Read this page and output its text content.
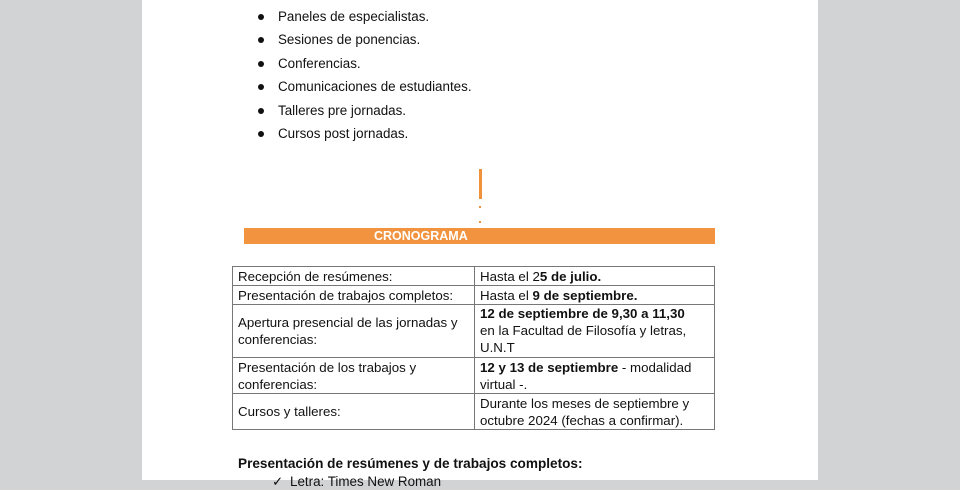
Paneles de especialistas.
Sesiones de ponencias.
Conferencias.
Comunicaciones de estudiantes.
Talleres pre jornadas.
Cursos post jornadas.
CRONOGRAMA
Recepción de resúmenes:	Hasta el 25 de julio.
Presentación de trabajos completos:	Hasta el 9 de septiembre.
Apertura presencial de las jornadas y conferencias:	12 de septiembre de 9,30 a 11,30
en la Facultad de Filosofía y letras, U.N.T
Presentación de los trabajos y conferencias:	12 y 13 de septiembre - modalidad virtual -.
Cursos y talleres:	Durante los meses de septiembre y octubre 2024 (fechas a confirmar).
Presentación de resúmenes y de trabajos completos:
✓ Letra: Times New Roman
